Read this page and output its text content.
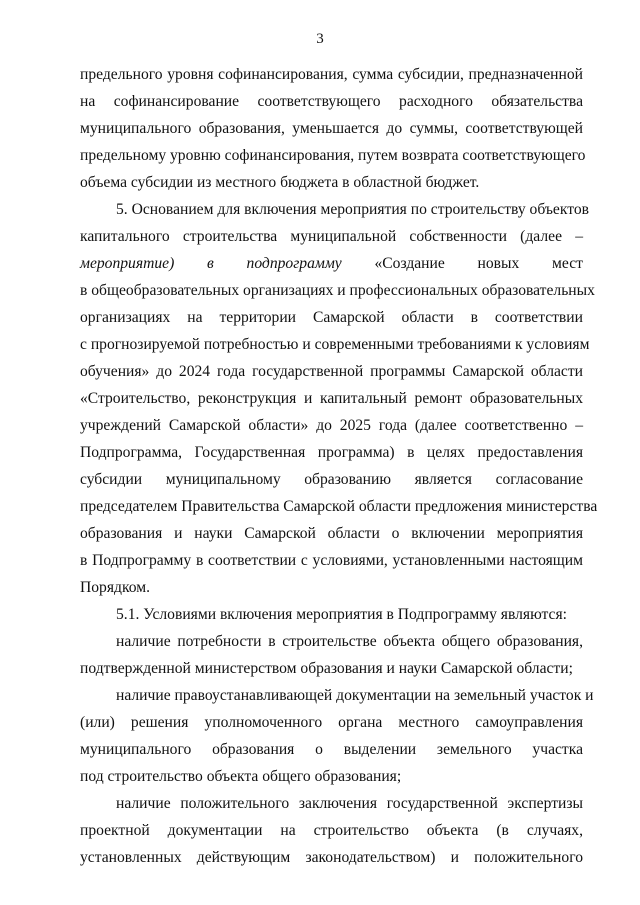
3
предельного уровня софинансирования, сумма субсидии, предназначенной
на софинансирование соответствующего расходного обязательства
муниципального образования, уменьшается до суммы, соответствующей
предельному уровню софинансирования, путем возврата соответствующего
объема субсидии из местного бюджета в областной бюджет.
5. Основанием для включения мероприятия по строительству объектов
капитального строительства муниципальной собственности (далее –
мероприятие) в подпрограмму «Создание новых мест
в общеобразовательных организациях и профессиональных образовательных
организациях на территории Самарской области в соответствии
с прогнозируемой потребностью и современными требованиями к условиям
обучения» до 2024 года государственной программы Самарской области
«Строительство, реконструкция и капитальный ремонт образовательных
учреждений Самарской области» до 2025 года (далее соответственно –
Подпрограмма, Государственная программа) в целях предоставления
субсидии муниципальному образованию является согласование
председателем Правительства Самарской области предложения министерства
образования и науки Самарской области о включении мероприятия
в Подпрограмму в соответствии с условиями, установленными настоящим
Порядком.
5.1. Условиями включения мероприятия в Подпрограмму являются:
наличие потребности в строительстве объекта общего образования,
подтвержденной министерством образования и науки Самарской области;
наличие правоустанавливающей документации на земельный участок и
(или) решения уполномоченного органа местного самоуправления
муниципального образования о выделении земельного участка
под строительство объекта общего образования;
наличие положительного заключения государственной экспертизы
проектной документации на строительство объекта (в случаях,
установленных действующим законодательством) и положительного
